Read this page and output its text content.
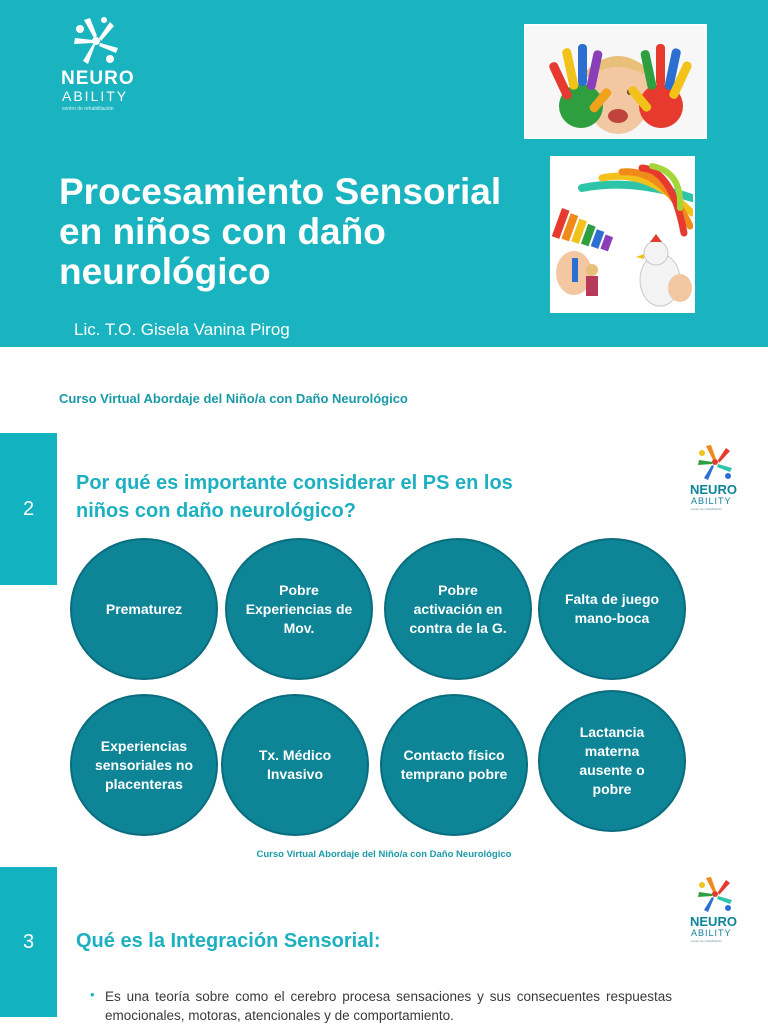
NEURO
ABILITY
centro de rehabilitación
Procesamiento Sensorial en niños con daño neurológico
Lic. T.O. Gisela Vanina Pirog
Curso Virtual Abordaje del Niño/a con Daño Neurológico
2
Por qué es importante considerar el PS en los niños con daño neurológico?
NEURO
ABILITY
centro de rehabilitación
Prematurez
Pobre Experiencias de Mov.
Pobre activación en contra de la G.
Falta de juego mano-boca
Experiencias sensoriales no placenteras
Tx. Médico Invasivo
Contacto físico temprano pobre
Lactancia materna ausente o pobre
Curso Virtual Abordaje del Niño/a con Daño Neurológico
3	Qué es la Integración Sensorial:
NEURO
ABILITY
centro de rehabilitación
• Es una teoría sobre como el cerebro procesa sensaciones y sus consecuentes respuestas emocionales, motoras, atencionales y de comportamiento.
